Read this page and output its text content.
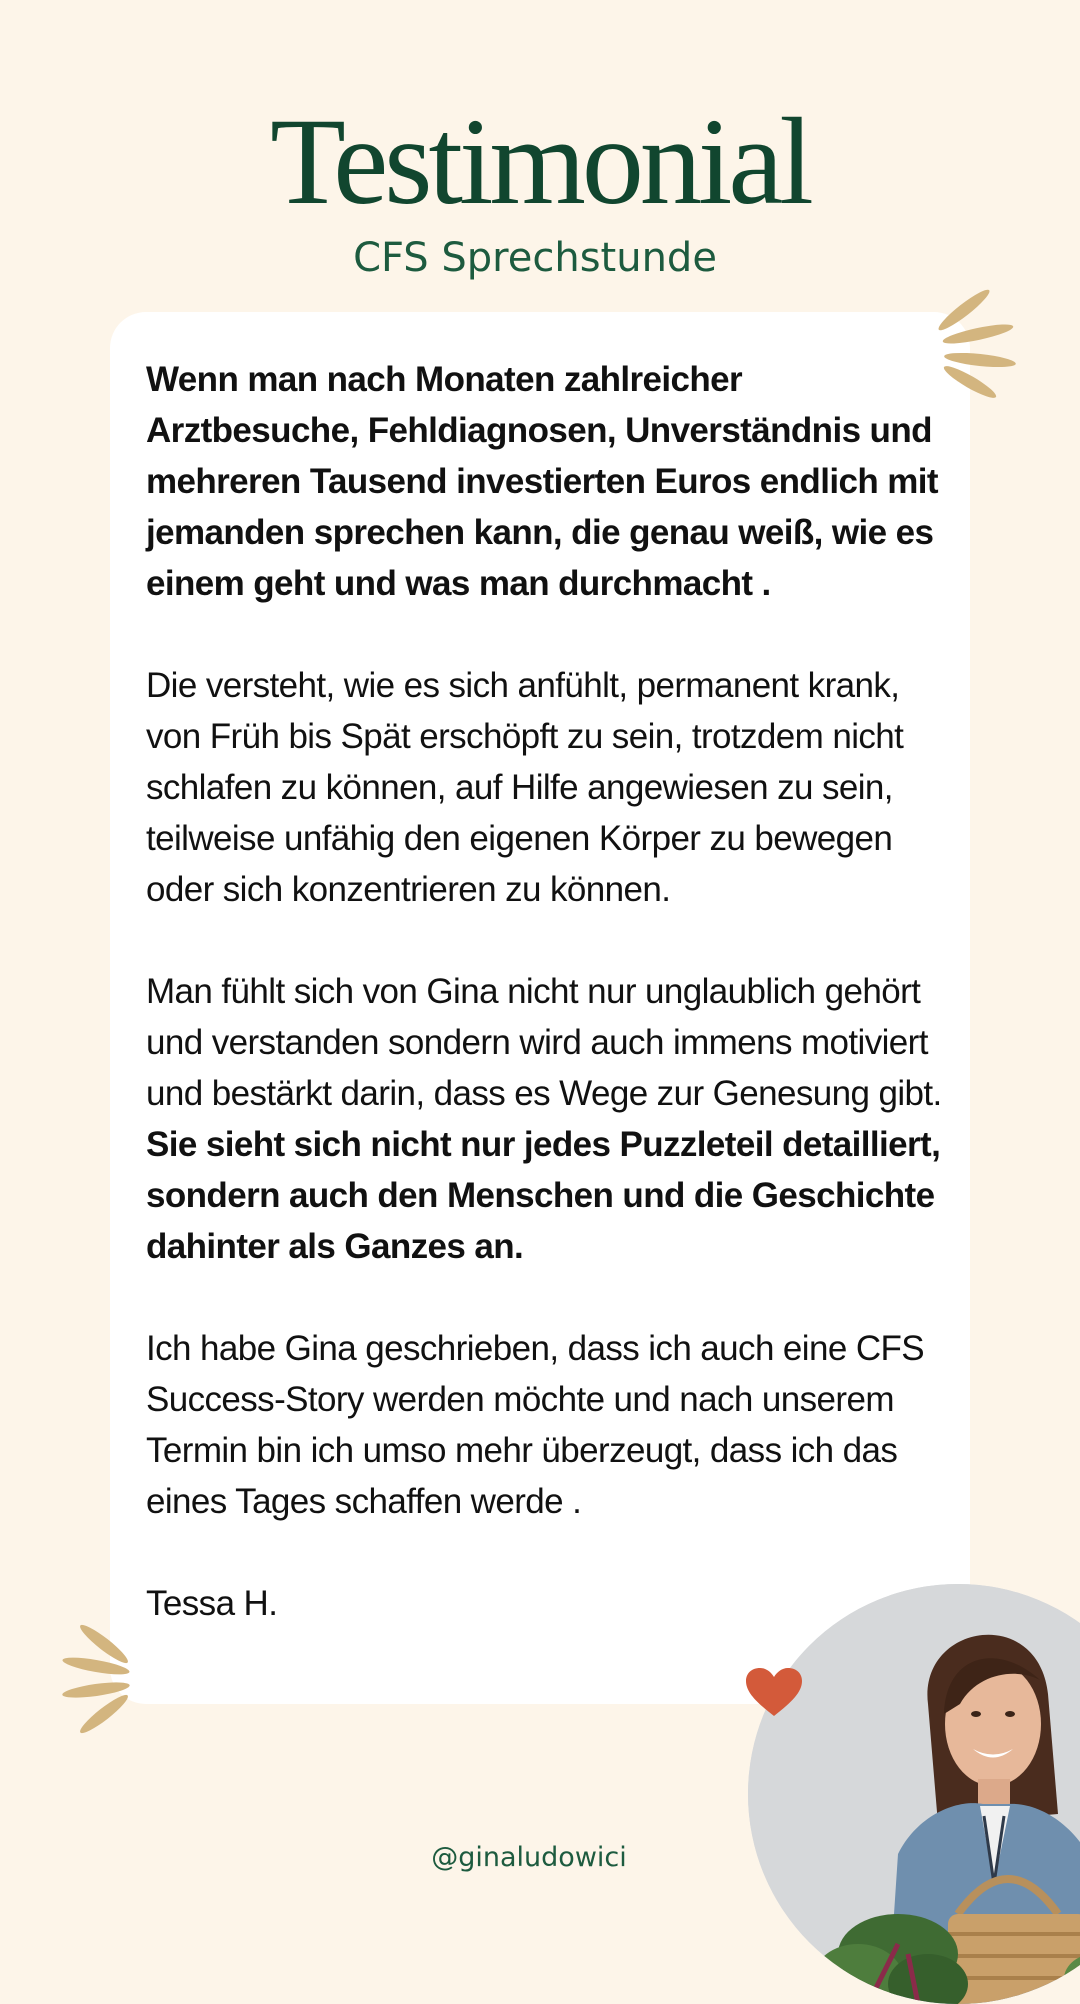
Testimonial
CFS Sprechstunde

Wenn man nach Monaten zahlreicher Arztbesuche, Fehldiagnosen, Unverständnis und mehreren Tausend investierten Euros endlich mit jemanden sprechen kann, die genau weiß, wie es einem geht und was man durchmacht .

Die versteht, wie es sich anfühlt, permanent krank, von Früh bis Spät erschöpft zu sein, trotzdem nicht schlafen zu können, auf Hilfe angewiesen zu sein, teilweise unfähig den eigenen Körper zu bewegen oder sich konzentrieren zu können.

Man fühlt sich von Gina nicht nur unglaublich gehört und verstanden sondern wird auch immens motiviert und bestärkt darin, dass es Wege zur Genesung gibt. Sie sieht sich nicht nur jedes Puzzleteil detailliert, sondern auch den Menschen und die Geschichte dahinter als Ganzes an.

Ich habe Gina geschrieben, dass ich auch eine CFS Success-Story werden möchte und nach unserem Termin bin ich umso mehr überzeugt, dass ich das eines Tages schaffen werde .

Tessa H.

@ginaludowici
